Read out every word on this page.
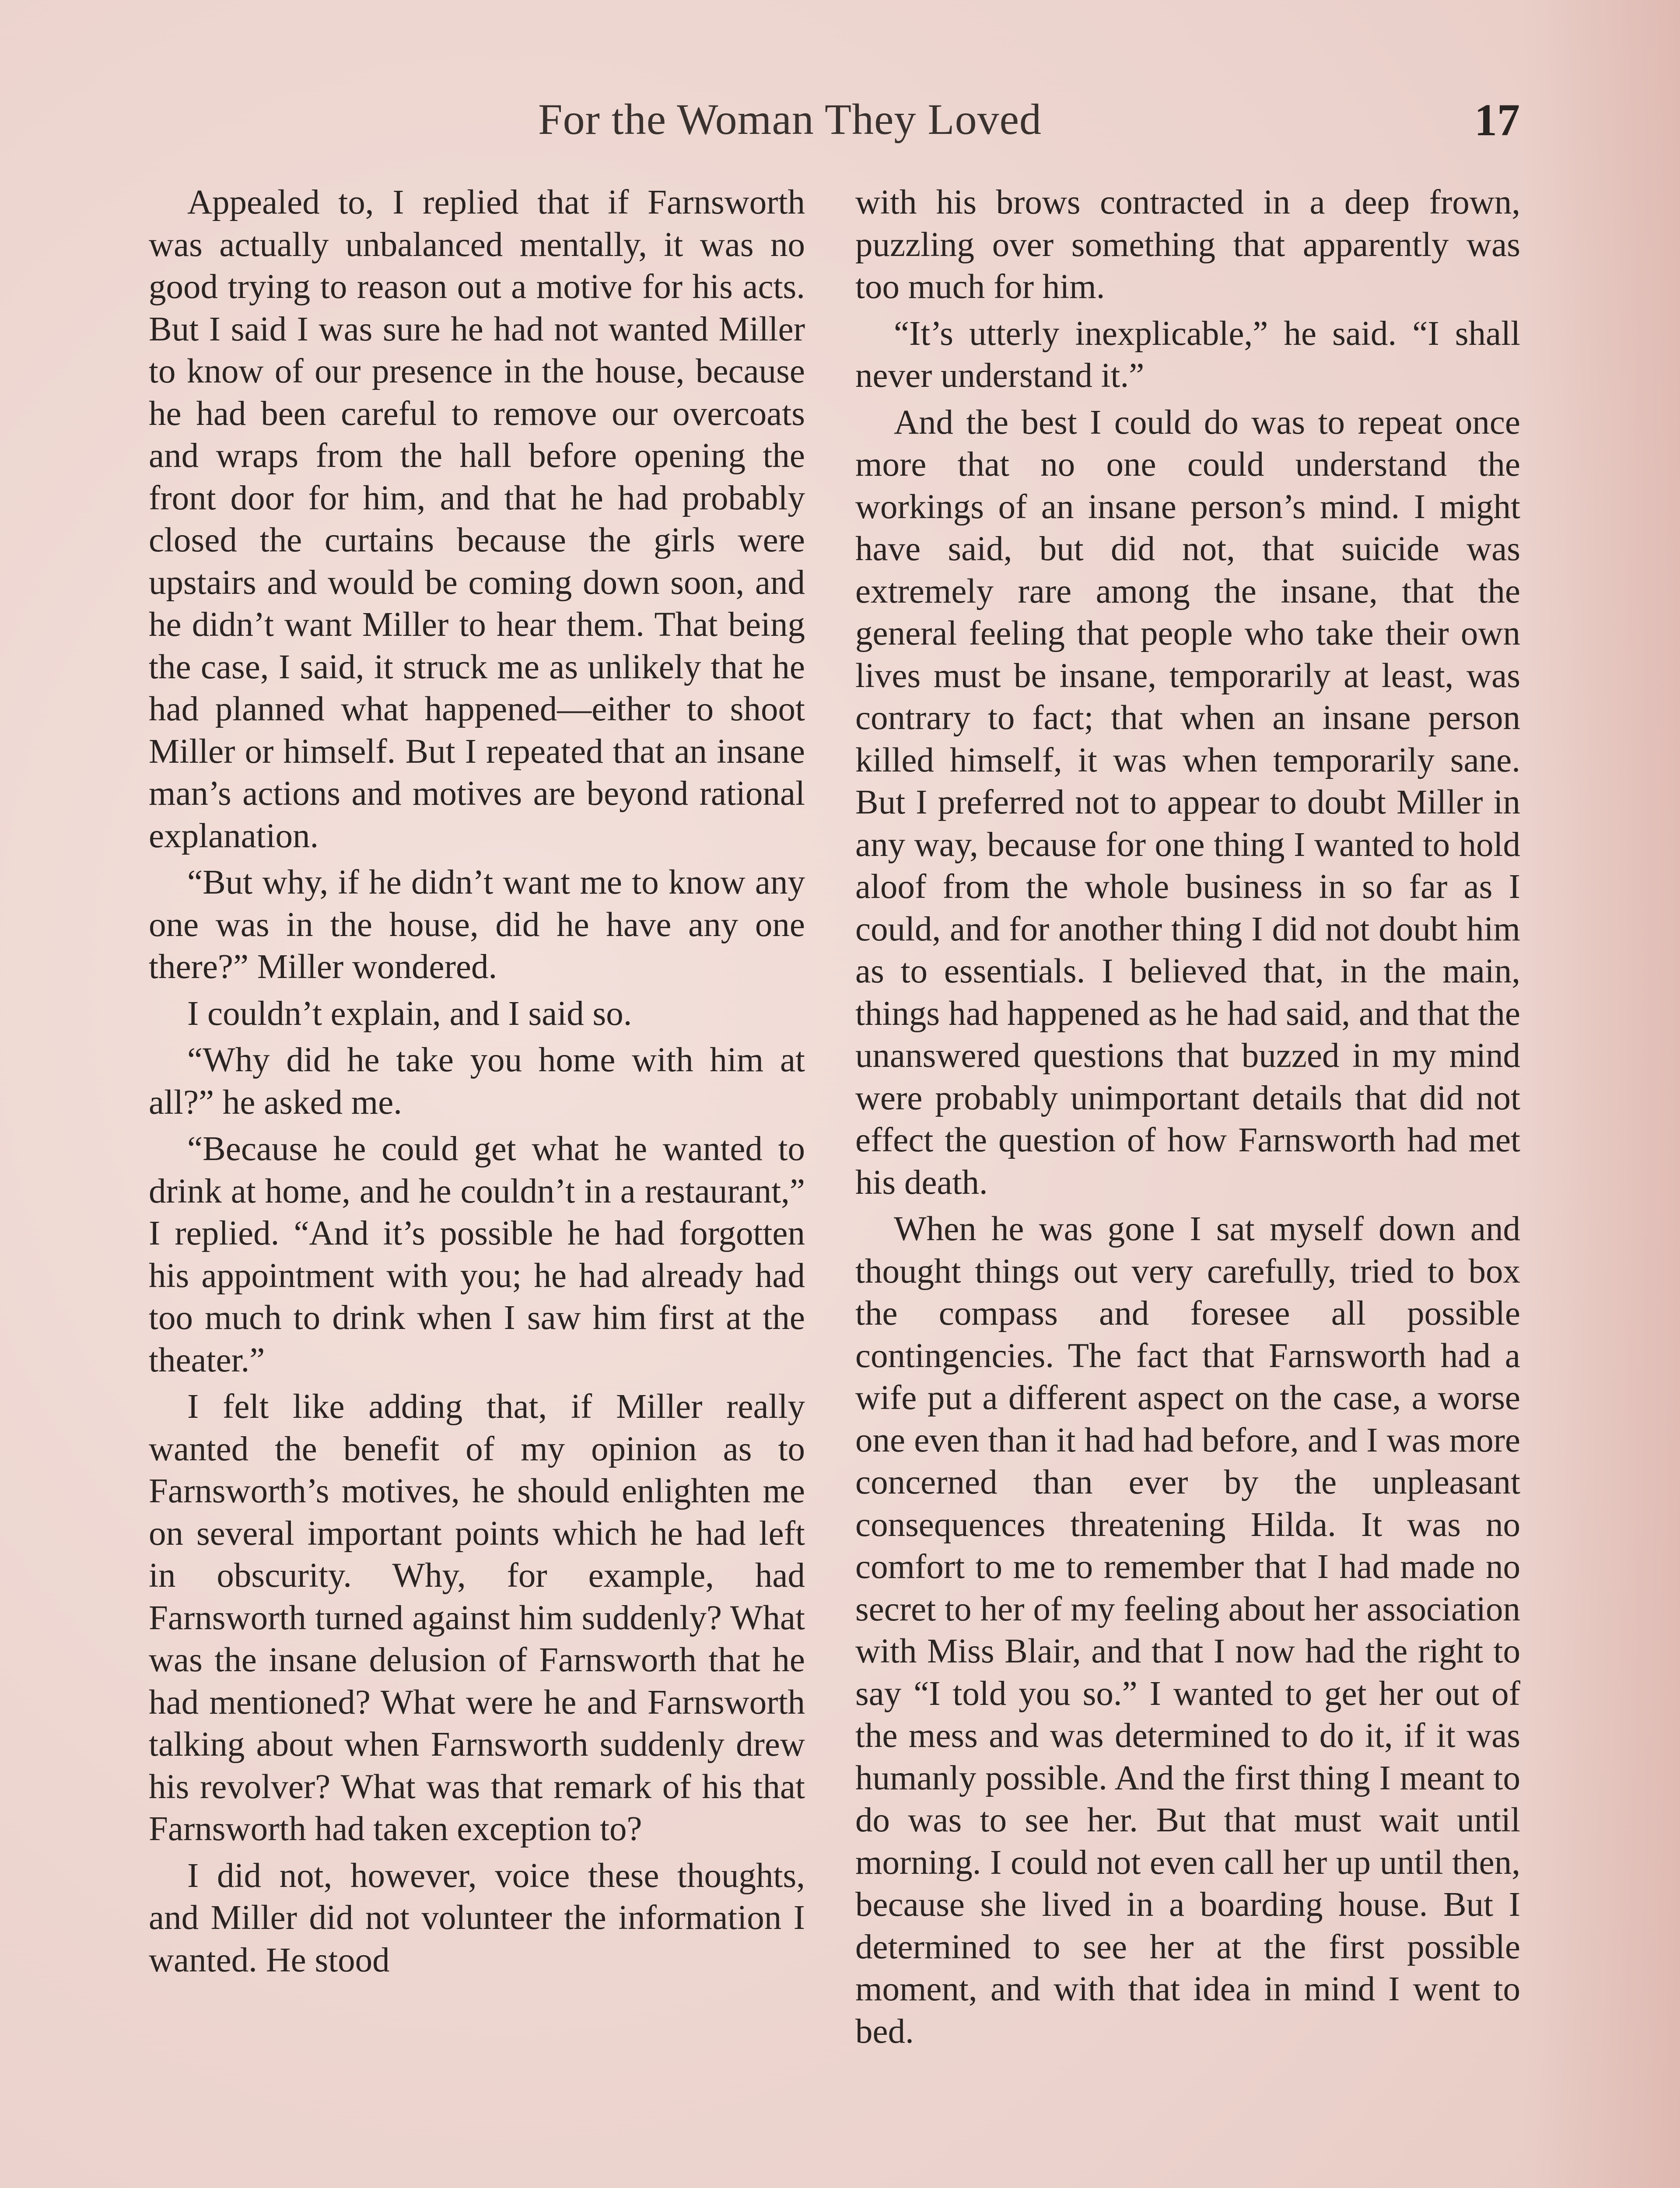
For the Woman They Loved	17

Appealed to, I replied that if Farnsworth was actually unbalanced mentally, it was no good trying to reason out a motive for his acts. But I said I was sure he had not wanted Miller to know of our presence in the house, because he had been careful to remove our overcoats and wraps from the hall before opening the front door for him, and that he had probably closed the curtains because the girls were upstairs and would be coming down soon, and he didn’t want Miller to hear them. That being the case, I said, it struck me as unlikely that he had planned what happened—either to shoot Miller or himself. But I repeated that an insane man’s actions and motives are beyond rational explanation.

“But why, if he didn’t want me to know any one was in the house, did he have any one there?” Miller wondered.

I couldn’t explain, and I said so.

“Why did he take you home with him at all?” he asked me.

“Because he could get what he wanted to drink at home, and he couldn’t in a restaurant,” I replied. “And it’s possible he had forgotten his appointment with you; he had already had too much to drink when I saw him first at the theater.”

I felt like adding that, if Miller really wanted the benefit of my opinion as to Farnsworth’s motives, he should enlighten me on several important points which he had left in obscurity. Why, for example, had Farnsworth turned against him suddenly? What was the insane delusion of Farnsworth that he had mentioned? What were he and Farnsworth talking about when Farnsworth suddenly drew his revolver? What was that remark of his that Farnsworth had taken exception to?

I did not, however, voice these thoughts, and Miller did not volunteer the information I wanted. He stood

with his brows contracted in a deep frown, puzzling over something that apparently was too much for him.

“It’s utterly inexplicable,” he said. “I shall never understand it.”

And the best I could do was to repeat once more that no one could understand the workings of an insane person’s mind. I might have said, but did not, that suicide was extremely rare among the insane, that the general feeling that people who take their own lives must be insane, temporarily at least, was contrary to fact; that when an insane person killed himself, it was when temporarily sane. But I preferred not to appear to doubt Miller in any way, because for one thing I wanted to hold aloof from the whole business in so far as I could, and for another thing I did not doubt him as to essentials. I believed that, in the main, things had happened as he had said, and that the unanswered questions that buzzed in my mind were probably unimportant details that did not effect the question of how Farnsworth had met his death.

When he was gone I sat myself down and thought things out very carefully, tried to box the compass and foresee all possible contingencies. The fact that Farnsworth had a wife put a different aspect on the case, a worse one even than it had had before, and I was more concerned than ever by the unpleasant consequences threatening Hilda. It was no comfort to me to remember that I had made no secret to her of my feeling about her association with Miss Blair, and that I now had the right to say “I told you so.” I wanted to get her out of the mess and was determined to do it, if it was humanly possible. And the first thing I meant to do was to see her. But that must wait until morning. I could not even call her up until then, because she lived in a boarding house. But I determined to see her at the first possible moment, and with that idea in mind I went to bed.
